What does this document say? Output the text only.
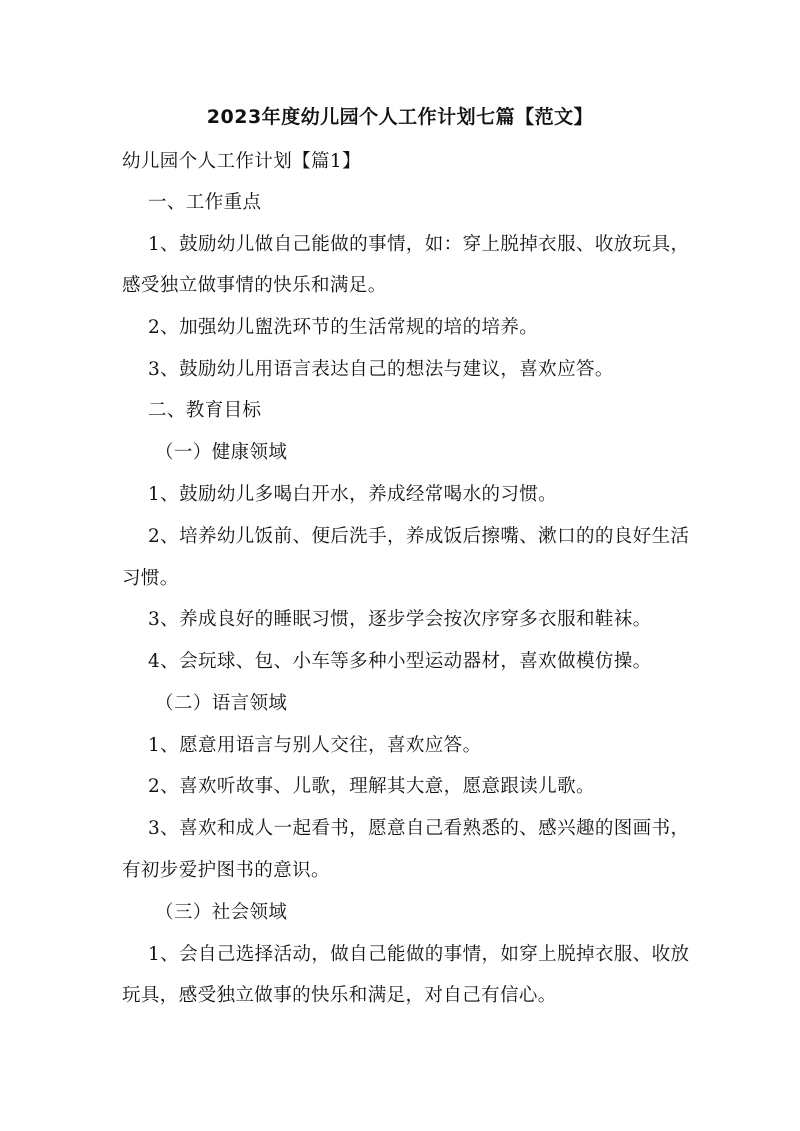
2023年度幼儿园个人工作计划七篇【范文】
幼儿园个人工作计划【篇1】
一、工作重点
1、鼓励幼儿做自己能做的事情，如：穿上脱掉衣服、收放玩具，
感受独立做事情的快乐和满足。
2、加强幼儿盥洗环节的生活常规的培的培养。
3、鼓励幼儿用语言表达自己的想法与建议，喜欢应答。
二、教育目标
（一）健康领域
1、鼓励幼儿多喝白开水，养成经常喝水的习惯。
2、培养幼儿饭前、便后洗手，养成饭后擦嘴、漱口的的良好生活
习惯。
3、养成良好的睡眠习惯，逐步学会按次序穿多衣服和鞋袜。
4、会玩球、包、小车等多种小型运动器材，喜欢做模仿操。
（二）语言领域
1、愿意用语言与别人交往，喜欢应答。
2、喜欢听故事、儿歌，理解其大意，愿意跟读儿歌。
3、喜欢和成人一起看书，愿意自己看熟悉的、感兴趣的图画书，
有初步爱护图书的意识。
（三）社会领域
1、会自己选择活动，做自己能做的事情，如穿上脱掉衣服、收放
玩具，感受独立做事的快乐和满足，对自己有信心。
